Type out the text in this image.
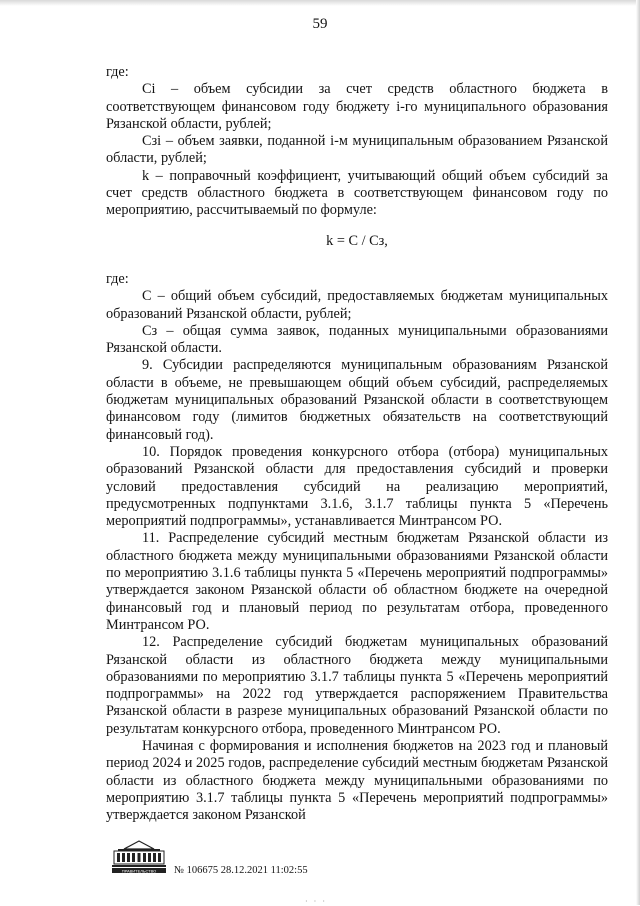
59

где:

Ci – объем субсидии за счет средств областного бюджета в соответствующем финансовом году бюджету i-го муниципального образования Рязанской области, рублей;

Сзi – объем заявки, поданной i-м муниципальным образованием Рязанской области, рублей;

k – поправочный коэффициент, учитывающий общий объем субсидий за счет средств областного бюджета в соответствующем финансовом году по мероприятию, рассчитываемый по формуле:

k = C / Сз,

где:

C – общий объем субсидий, предоставляемых бюджетам муниципальных образований Рязанской области, рублей;

Сз – общая сумма заявок, поданных муниципальными образованиями Рязанской области.

9. Субсидии распределяются муниципальным образованиям Рязанской области в объеме, не превышающем общий объем субсидий, распределяемых бюджетам муниципальных образований Рязанской области в соответствующем финансовом году (лимитов бюджетных обязательств на соответствующий финансовый год).

10. Порядок проведения конкурсного отбора (отбора) муниципальных образований Рязанской области для предоставления субсидий и проверки условий предоставления субсидий на реализацию мероприятий, предусмотренных подпунктами 3.1.6, 3.1.7 таблицы пункта 5 «Перечень мероприятий подпрограммы», устанавливается Минтрансом РО.

11. Распределение субсидий местным бюджетам Рязанской области из областного бюджета между муниципальными образованиями Рязанской области по мероприятию 3.1.6 таблицы пункта 5 «Перечень мероприятий подпрограммы» утверждается законом Рязанской области об областном бюджете на очередной финансовый год и плановый период по результатам отбора, проведенного Минтрансом РО.

12. Распределение субсидий бюджетам муниципальных образований Рязанской области из областного бюджета между муниципальными образованиями по мероприятию 3.1.7 таблицы пункта 5 «Перечень мероприятий подпрограммы» на 2022 год утверждается распоряжением Правительства Рязанской области в разрезе муниципальных образований Рязанской области по результатам конкурсного отбора, проведенного Минтрансом РО.

Начиная с формирования и исполнения бюджетов на 2023 год и плановый период 2024 и 2025 годов, распределение субсидий местным бюджетам Рязанской области из областного бюджета между муниципальными образованиями по мероприятию 3.1.7 таблицы пункта 5 «Перечень мероприятий подпрограммы» утверждается законом Рязанской

ПРАВИТЕЛЬСТВО № 106675 28.12.2021 11:02:55
· · ·
